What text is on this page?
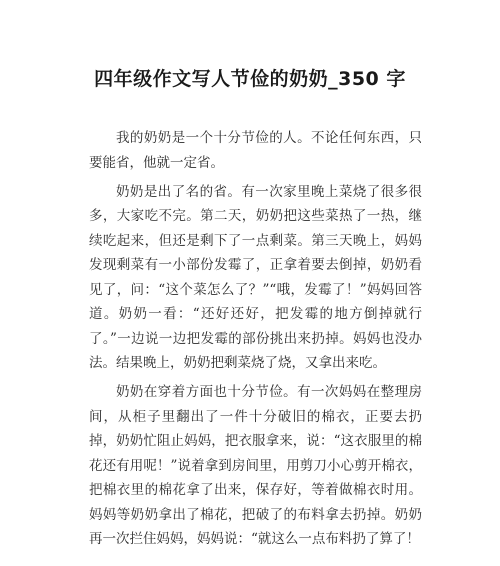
四年级作文写人节俭的奶奶_350 字

我的奶奶是一个十分节俭的人。不论任何东西，只要能省，他就一定省。

奶奶是出了名的省。有一次家里晚上菜烧了很多很多，大家吃不完。第二天，奶奶把这些菜热了一热，继续吃起来，但还是剩下了一点剩菜。第三天晚上，妈妈发现剩菜有一小部份发霉了，正拿着要去倒掉，奶奶看见了，问：“这个菜怎么了？”“哦，发霉了！”妈妈回答道。奶奶一看：“还好还好，把发霉的地方倒掉就行了。”一边说一边把发霉的部份挑出来扔掉。妈妈也没办法。结果晚上，奶奶把剩菜烧了烧，又拿出来吃。

奶奶在穿着方面也十分节俭。有一次妈妈在整理房间，从柜子里翻出了一件十分破旧的棉衣，正要去扔掉，奶奶忙阻止妈妈，把衣服拿来，说：“这衣服里的棉花还有用呢！”说着拿到房间里，用剪刀小心剪开棉衣，把棉衣里的棉花拿了出来，保存好，等着做棉衣时用。妈妈等奶奶拿出了棉花，把破了的布料拿去扔掉。奶奶再一次拦住妈妈，妈妈说：“就这么一点布料扔了算了！
